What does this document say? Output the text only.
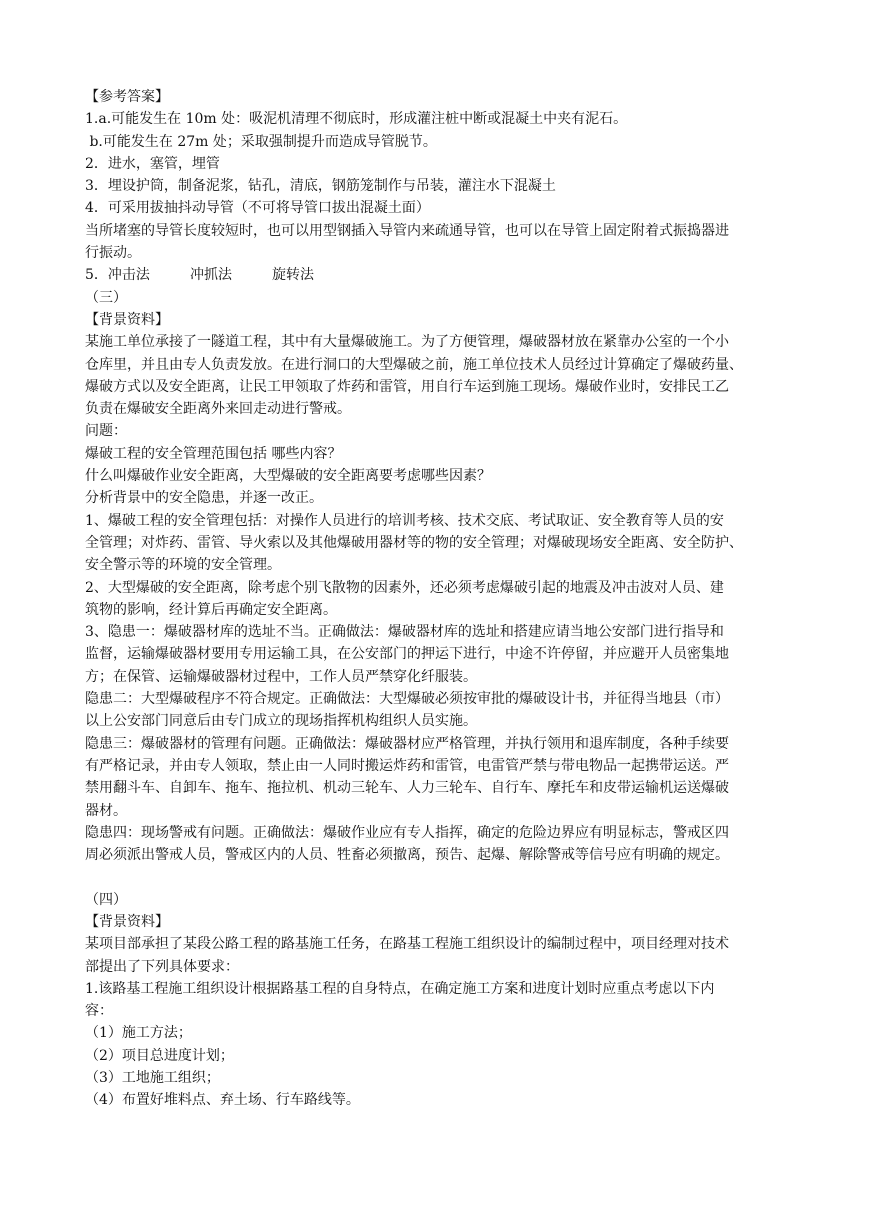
【参考答案】

1.a.可能发生在 10m 处：吸泥机清理不彻底时，形成灌注桩中断或混凝土中夹有泥石。

b.可能发生在 27m 处；采取强制提升而造成导管脱节。

2．进水，塞管，埋管

3．埋设护筒，制备泥浆，钻孔，清底，钢筋笼制作与吊装，灌注水下混凝土

4．可采用拔抽抖动导管（不可将导管口拔出混凝土面）

当所堵塞的导管长度较短时，也可以用型钢插入导管内来疏通导管，也可以在导管上固定附着式振捣器进

行振动。

5．冲击法         冲抓法         旋转法

（三）

【背景资料】

某施工单位承接了一隧道工程，其中有大量爆破施工。为了方便管理，爆破器材放在紧靠办公室的一个小

仓库里，并且由专人负责发放。在进行洞口的大型爆破之前，施工单位技术人员经过计算确定了爆破药量、

爆破方式以及安全距离，让民工甲领取了炸药和雷管，用自行车运到施工现场。爆破作业时，安排民工乙

负责在爆破安全距离外来回走动进行警戒。

问题：

爆破工程的安全管理范围包括 哪些内容？

什么叫爆破作业安全距离，大型爆破的安全距离要考虑哪些因素？

分析背景中的安全隐患，并逐一改正。

1、爆破工程的安全管理包括：对操作人员进行的培训考核、技术交底、考试取证、安全教育等人员的安

全管理；对炸药、雷管、导火索以及其他爆破用器材等的物的安全管理；对爆破现场安全距离、安全防护、

安全警示等的环境的安全管理。

2、大型爆破的安全距离，除考虑个别飞散物的因素外，还必须考虑爆破引起的地震及冲击波对人员、建

筑物的影响，经计算后再确定安全距离。

3、隐患一：爆破器材库的选址不当。正确做法：爆破器材库的选址和搭建应请当地公安部门进行指导和

监督，运输爆破器材要用专用运输工具，在公安部门的押运下进行，中途不许停留，并应避开人员密集地

方；在保管、运输爆破器材过程中，工作人员严禁穿化纤服装。

隐患二：大型爆破程序不符合规定。正确做法：大型爆破必须按审批的爆破设计书，并征得当地县（市）

以上公安部门同意后由专门成立的现场指挥机构组织人员实施。

隐患三：爆破器材的管理有问题。正确做法：爆破器材应严格管理，并执行领用和退库制度，各种手续要

有严格记录，并由专人领取，禁止由一人同时搬运炸药和雷管，电雷管严禁与带电物品一起携带运送。严

禁用翻斗车、自卸车、拖车、拖拉机、机动三轮车、人力三轮车、自行车、摩托车和皮带运输机运送爆破

器材。

隐患四：现场警戒有问题。正确做法：爆破作业应有专人指挥，确定的危险边界应有明显标志，警戒区四

周必须派出警戒人员，警戒区内的人员、牲畜必须撤离，预告、起爆、解除警戒等信号应有明确的规定。

（四）

【背景资料】

某项目部承担了某段公路工程的路基施工任务，在路基工程施工组织设计的编制过程中，项目经理对技术

部提出了下列具体要求：

1.该路基工程施工组织设计根据路基工程的自身特点，在确定施工方案和进度计划时应重点考虑以下内

容：

（1）施工方法；

（2）项目总进度计划；

（3）工地施工组织；

（4）布置好堆料点、弃土场、行车路线等。
